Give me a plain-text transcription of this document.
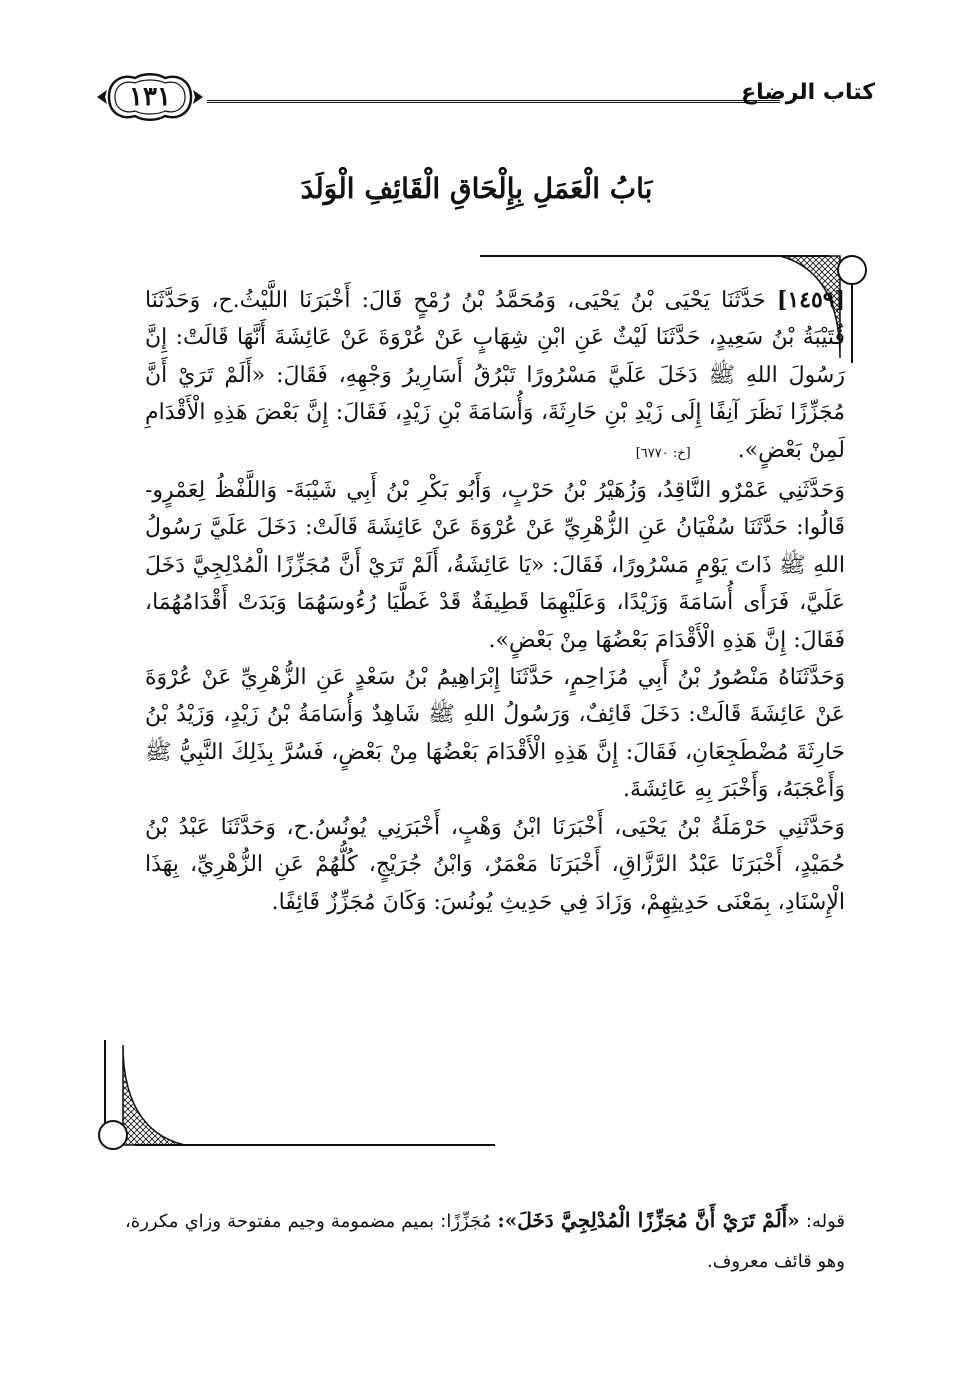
١٣١	كتاب الرضاع
بَابُ الْعَمَلِ بِإِلْحَاقِ الْقَائِفِ الْوَلَدَ

[١٤٥٩] حَدَّثَنَا يَحْيَى بْنُ يَحْيَى، وَمُحَمَّدُ بْنُ رُمْحٍ قَالَ: أَخْبَرَنَا اللَّيْثُ.ح، وَحَدَّثَنَا قُتَيْبَةُ بْنُ سَعِيدٍ، حَدَّثَنَا لَيْثٌ عَنِ ابْنِ شِهَابٍ عَنْ عُرْوَةَ عَنْ عَائِشَةَ أَنَّهَا قَالَتْ: إِنَّ رَسُولَ اللهِ ﷺ دَخَلَ عَلَيَّ مَسْرُورًا تَبْرُقُ أَسَارِيرُ وَجْهِهِ، فَقَالَ: «أَلَمْ تَرَيْ أَنَّ مُجَزِّزًا نَظَرَ آنِفًا إِلَى زَيْدِ بْنِ حَارِثَةَ، وَأُسَامَةَ بْنِ زَيْدٍ، فَقَالَ: إِنَّ بَعْضَ هَذِهِ الْأَقْدَامِ لَمِنْ بَعْضٍ». [خ: ٦٧٧٠]

وَحَدَّثَنِي عَمْرٌو النَّاقِدُ، وَزُهَيْرُ بْنُ حَرْبٍ، وَأَبُو بَكْرِ بْنُ أَبِي شَيْبَةَ- وَاللَّفْظُ لِعَمْرٍو- قَالُوا: حَدَّثَنَا سُفْيَانُ عَنِ الزُّهْرِيِّ عَنْ عُرْوَةَ عَنْ عَائِشَةَ قَالَتْ: دَخَلَ عَلَيَّ رَسُولُ اللهِ ﷺ ذَاتَ يَوْمٍ مَسْرُورًا، فَقَالَ: «يَا عَائِشَةُ، أَلَمْ تَرَيْ أَنَّ مُجَزِّزًا الْمُدْلِجِيَّ دَخَلَ عَلَيَّ، فَرَأَى أُسَامَةَ وَزَيْدًا، وَعَلَيْهِمَا قَطِيفَةٌ قَدْ غَطَّيَا رُءُوسَهُمَا وَبَدَتْ أَقْدَامُهُمَا، فَقَالَ: إِنَّ هَذِهِ الْأَقْدَامَ بَعْضُهَا مِنْ بَعْضٍ».

وَحَدَّثَنَاهُ مَنْصُورُ بْنُ أَبِي مُزَاحِمٍ، حَدَّثَنَا إِبْرَاهِيمُ بْنُ سَعْدٍ عَنِ الزُّهْرِيِّ عَنْ عُرْوَةَ عَنْ عَائِشَةَ قَالَتْ: دَخَلَ قَائِفٌ، وَرَسُولُ اللهِ ﷺ شَاهِدٌ وَأُسَامَةُ بْنُ زَيْدٍ، وَزَيْدُ بْنُ حَارِثَةَ مُضْطَجِعَانِ، فَقَالَ: إِنَّ هَذِهِ الْأَقْدَامَ بَعْضُهَا مِنْ بَعْضٍ، فَسُرَّ بِذَلِكَ النَّبِيُّ ﷺ وَأَعْجَبَهُ، وَأَخْبَرَ بِهِ عَائِشَةَ.

وَحَدَّثَنِي حَرْمَلَةُ بْنُ يَحْيَى، أَخْبَرَنَا ابْنُ وَهْبٍ، أَخْبَرَنِي يُونُسُ.ح، وَحَدَّثَنَا عَبْدُ بْنُ حُمَيْدٍ، أَخْبَرَنَا عَبْدُ الرَّزَّاقِ، أَخْبَرَنَا مَعْمَرٌ، وَابْنُ جُرَيْجٍ، كُلُّهُمْ عَنِ الزُّهْرِيِّ، بِهَذَا الْإِسْنَادِ، بِمَعْنَى حَدِيثِهِمْ، وَزَادَ فِي حَدِيثِ يُونُسَ: وَكَانَ مُجَزِّزٌ قَائِفًا.

قوله: «أَلَمْ تَرَيْ أَنَّ مُجَزِّزًا الْمُدْلِجِيَّ دَخَلَ»: مُجَزِّزًا: بميم مضمومة وجيم مفتوحة وزاي مكررة، وهو قائف معروف.
